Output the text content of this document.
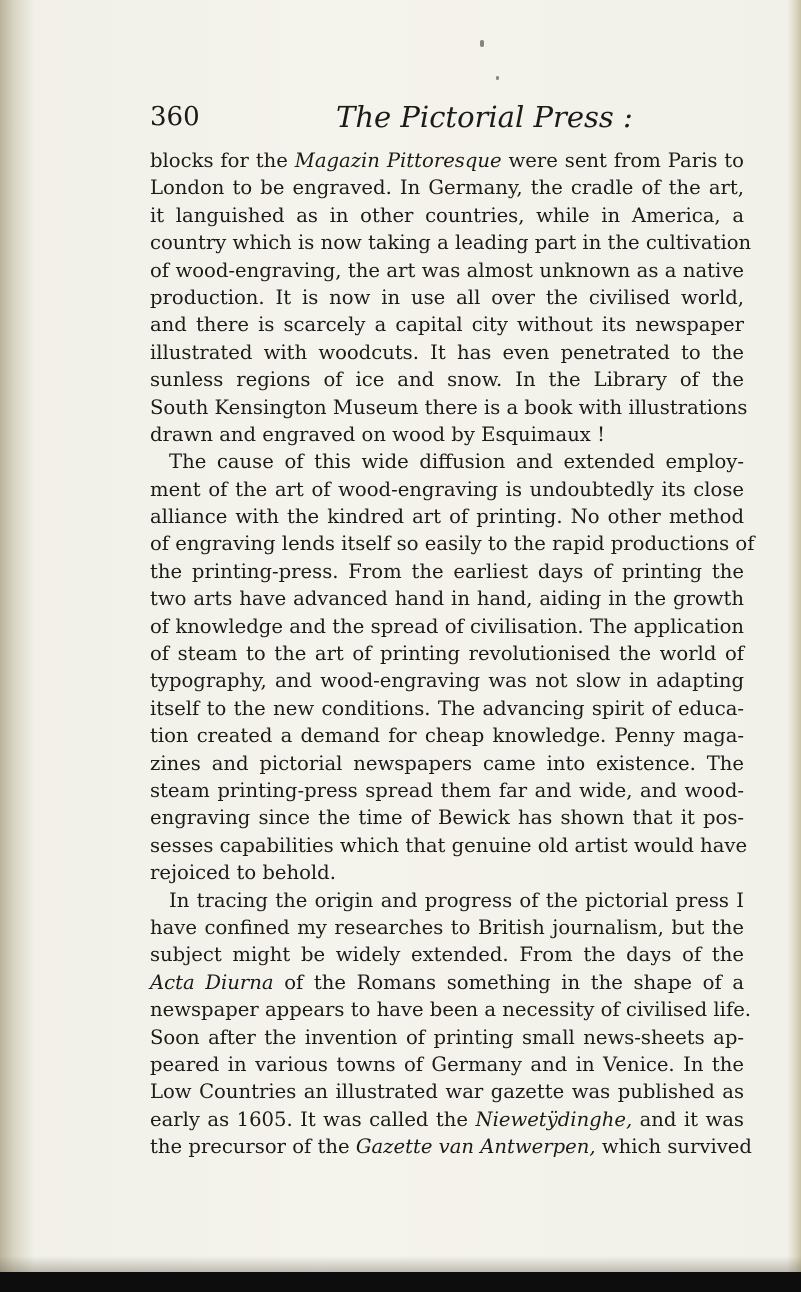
360	The Pictorial Press :
blocks for the Magazin Pittoresque were sent from Paris to
London to be engraved. In Germany, the cradle of the art,
it languished as in other countries, while in America, a
country which is now taking a leading part in the cultivation
of wood-engraving, the art was almost unknown as a native
production. It is now in use all over the civilised world,
and there is scarcely a capital city without its newspaper
illustrated with woodcuts. It has even penetrated to the
sunless regions of ice and snow. In the Library of the
South Kensington Museum there is a book with illustrations
drawn and engraved on wood by Esquimaux !
The cause of this wide diffusion and extended employ-
ment of the art of wood-engraving is undoubtedly its close
alliance with the kindred art of printing. No other method
of engraving lends itself so easily to the rapid productions of
the printing-press. From the earliest days of printing the
two arts have advanced hand in hand, aiding in the growth
of knowledge and the spread of civilisation. The application
of steam to the art of printing revolutionised the world of
typography, and wood-engraving was not slow in adapting
itself to the new conditions. The advancing spirit of educa-
tion created a demand for cheap knowledge. Penny maga-
zines and pictorial newspapers came into existence. The
steam printing-press spread them far and wide, and wood-
engraving since the time of Bewick has shown that it pos-
sesses capabilities which that genuine old artist would have
rejoiced to behold.
In tracing the origin and progress of the pictorial press I
have confined my researches to British journalism, but the
subject might be widely extended. From the days of the
Acta Diurna of the Romans something in the shape of a
newspaper appears to have been a necessity of civilised life.
Soon after the invention of printing small news-sheets ap-
peared in various towns of Germany and in Venice. In the
Low Countries an illustrated war gazette was published as
early as 1605. It was called the Niewetÿdinghe, and it was
the precursor of the Gazette van Antwerpen, which survived
